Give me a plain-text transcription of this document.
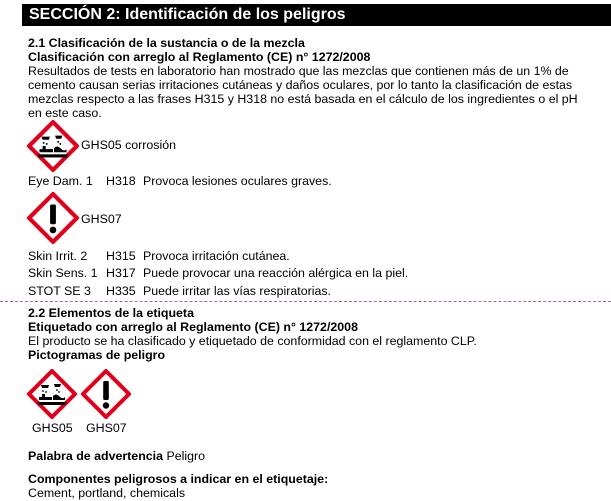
SECCIÓN 2: Identificación de los peligros
2.1 Clasificación de la sustancia o de la mezcla
Clasificación con arreglo al Reglamento (CE) n° 1272/2008
Resultados de tests en laboratorio han mostrado que las mezclas que contienen más de un 1% de
cemento causan serias irritaciones cutáneas y daños oculares, por lo tanto la clasificación de estas
mezclas respecto a las frases H315 y H318 no está basada en el cálculo de los ingredientes o el pH
en este caso.
GHS05 corrosión
Eye Dam. 1 H318 Provoca lesiones oculares graves.
GHS07
Skin Irrit. 2 H315 Provoca irritación cutánea.
Skin Sens. 1 H317 Puede provocar una reacción alérgica en la piel.
STOT SE 3 H335 Puede irritar las vías respiratorias.
2.2 Elementos de la etiqueta
Etiquetado con arreglo al Reglamento (CE) n° 1272/2008
El producto se ha clasificado y etiquetado de conformidad con el reglamento CLP.
Pictogramas de peligro
GHS05 GHS07
Palabra de advertencia Peligro
Componentes peligrosos a indicar en el etiquetaje:
Cement, portland, chemicals
